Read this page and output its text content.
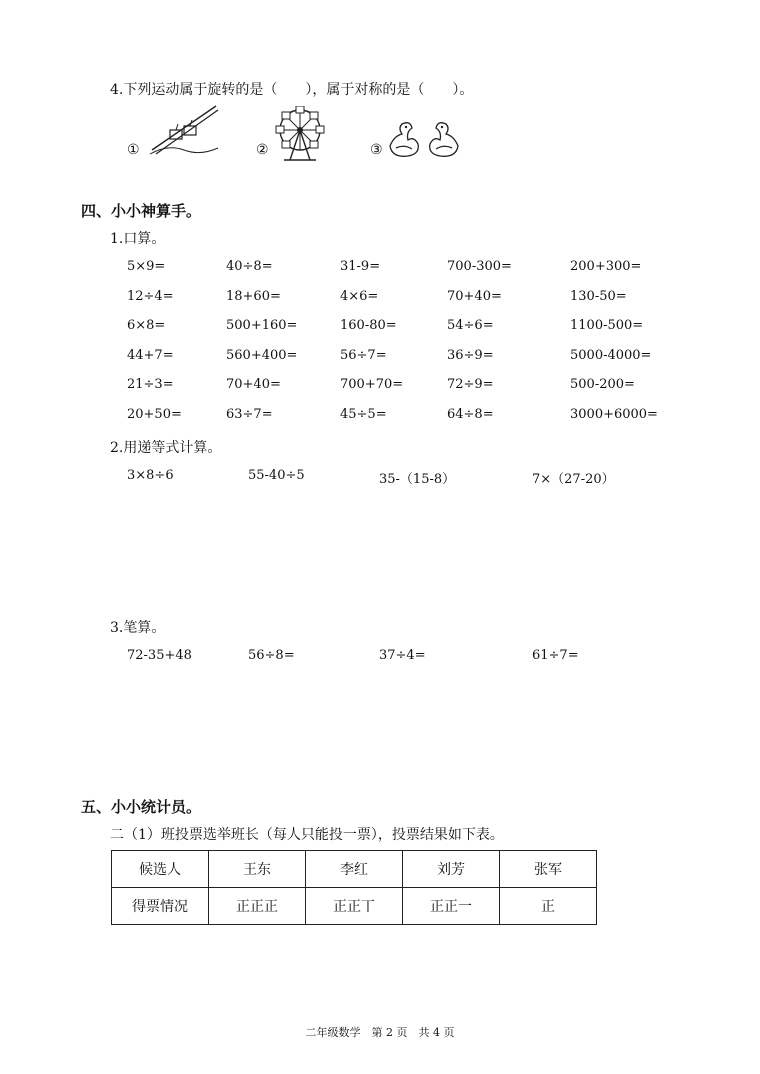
4.下列运动属于旋转的是（　　），属于对称的是（　　）。
①	②	③
四、小小神算手。
1.口算。
5×9=	40÷8=	31-9=	700-300=	200+300=
12÷4=	18+60=	4×6=	70+40=	130-50=
6×8=	500+160=	160-80=	54÷6=	1100-500=
44+7=	560+400=	56÷7=	36÷9=	5000-4000=
21÷3=	70+40=	700+70=	72÷9=	500-200=
20+50=	63÷7=	45÷5=	64÷8=	3000+6000=
2.用递等式计算。
3×8÷6	55-40÷5	35-（15-8）	7×（27-20）
3.笔算。
72-35+48	56÷8=	37÷4=	61÷7=
五、小小统计员。
二（1）班投票选举班长（每人只能投一票），投票结果如下表。
候选人	王东	李红	刘芳	张军
得票情况	正正正	正正丅	正正一	正
二年级数学　第 2 页　共 4 页
